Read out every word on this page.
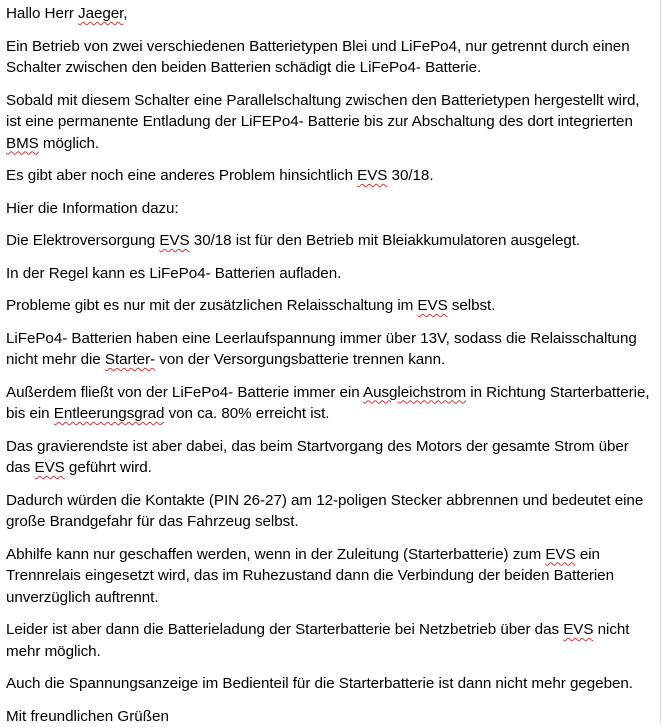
Hallo Herr Jaeger,

Ein Betrieb von zwei verschiedenen Batterietypen Blei und LiFePo4, nur getrennt durch einen Schalter zwischen den beiden Batterien schädigt die LiFePo4- Batterie.

Sobald mit diesem Schalter eine Parallelschaltung zwischen den Batterietypen hergestellt wird, ist eine permanente Entladung der LiFEPo4- Batterie bis zur Abschaltung des dort integrierten BMS möglich.

Es gibt aber noch eine anderes Problem hinsichtlich EVS 30/18.

Hier die Information dazu:

Die Elektroversorgung EVS 30/18 ist für den Betrieb mit Bleiakkumulatoren ausgelegt.

In der Regel kann es LiFePo4- Batterien aufladen.

Probleme gibt es nur mit der zusätzlichen Relaisschaltung im EVS selbst.

LiFePo4- Batterien haben eine Leerlaufspannung immer über 13V, sodass die Relaisschaltung nicht mehr die Starter- von der Versorgungsbatterie trennen kann.

Außerdem fließt von der LiFePo4- Batterie immer ein Ausgleichstrom in Richtung Starterbatterie, bis ein Entleerungsgrad von ca. 80% erreicht ist.

Das gravierendste ist aber dabei, das beim Startvorgang des Motors der gesamte Strom über das EVS geführt wird.

Dadurch würden die Kontakte (PIN 26-27) am 12-poligen Stecker abbrennen und bedeutet eine große Brandgefahr für das Fahrzeug selbst.

Abhilfe kann nur geschaffen werden, wenn in der Zuleitung (Starterbatterie) zum EVS ein Trennrelais eingesetzt wird, das im Ruhezustand dann die Verbindung der beiden Batterien unverzüglich auftrennt.

Leider ist aber dann die Batterieladung der Starterbatterie bei Netzbetrieb über das EVS nicht mehr möglich.

Auch die Spannungsanzeige im Bedienteil für die Starterbatterie ist dann nicht mehr gegeben.

Mit freundlichen Grüßen
